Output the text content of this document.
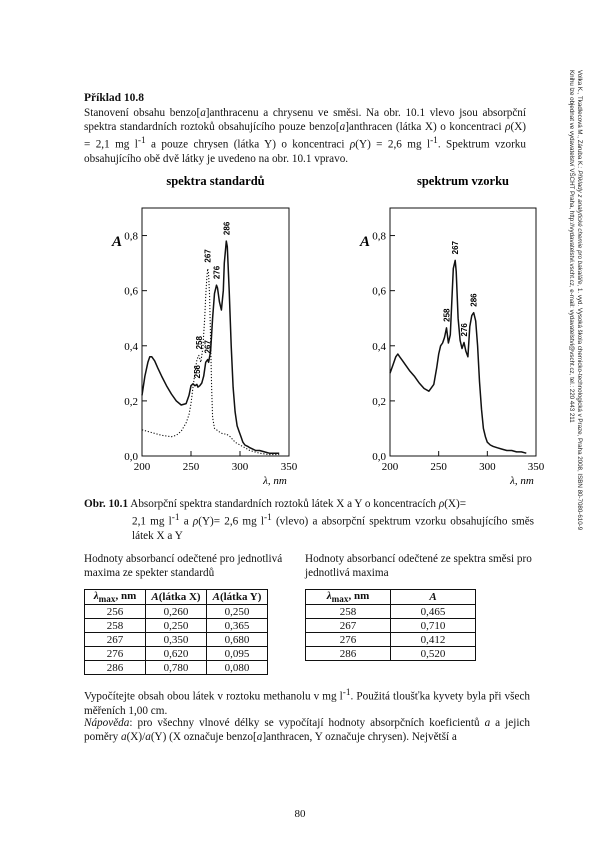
Příklad 10.8
Stanovení obsahu benzo[a]anthracenu a chrysenu ve směsi. Na obr. 10.1 vlevo jsou absorpční spektra standardních roztoků obsahujícího pouze benzo[a]anthracen (látka X) o koncentraci ρ(X) = 2,1 mg $l^{-1}$ a pouze chrysen (látka Y) o koncentraci ρ(Y) = 2,6 mg $l^{-1}$. Spektrum vzorku obsahujícího obě dvě látky je uvedeno na obr. 10.1 vpravo.	Volka K., Tkadlecová M., Záruba K.: Příklady z analytické chemie pro bakaláře, 1. vyd. Vysoká škola chemicko-technologická v Praze, Praha 2008, ISBN 80-7080-610-9
Knihu lze objednat ve vydavatelství VŠCHT Praha, http://vydavatelstvi.vscht.cz, e-mail: vydavatelstvi@vscht.cz, tel.: 220 443 211
spektra standardů
0,0
0,2
0,4
0,6
0,8
200	250	300	350
A
λ, nm
256
258 267
267
276
286
spektrum vzorku
0,0
0,2
0,4
0,6
0,8
200	250	300	350
A
λ, nm
258
267
276
286
Obr. 10.1 Absorpční spektra standardních roztoků látek X a Y o koncentracích ρ(X)=
2,1 mg $l^{-1}$ a ρ(Y)= 2,6 mg $l^{-1}$ (vlevo) a absorpční spektrum vzorku obsahujícího směs látek X a Y
Hodnoty absorbancí odečtené pro jednotlivá maxima ze spekter standardů
Hodnoty absorbancí odečtené ze spektra směsi pro jednotlivá maxima
$\lambda_{max}$, nm	A(látka X)	A(látka Y)
256	0,260	0,250
258	0,250	0,365
267	0,350	0,680
276	0,620	0,095
286	0,780	0,080
$\lambda_{max}$, nm	A
258	0,465
267	0,710
276	0,412
286	0,520
Vypočítejte obsah obou látek v roztoku methanolu v mg $l^{-1}$. Použitá tloušťka kyvety byla při všech měřeních 1,00 cm.
Nápověda: pro všechny vlnové délky se vypočítají hodnoty absorpčních koeficientů a a jejich poměry a(X)/a(Y) (X označuje benzo[a]anthracen, Y označuje chrysen). Největší a
80
